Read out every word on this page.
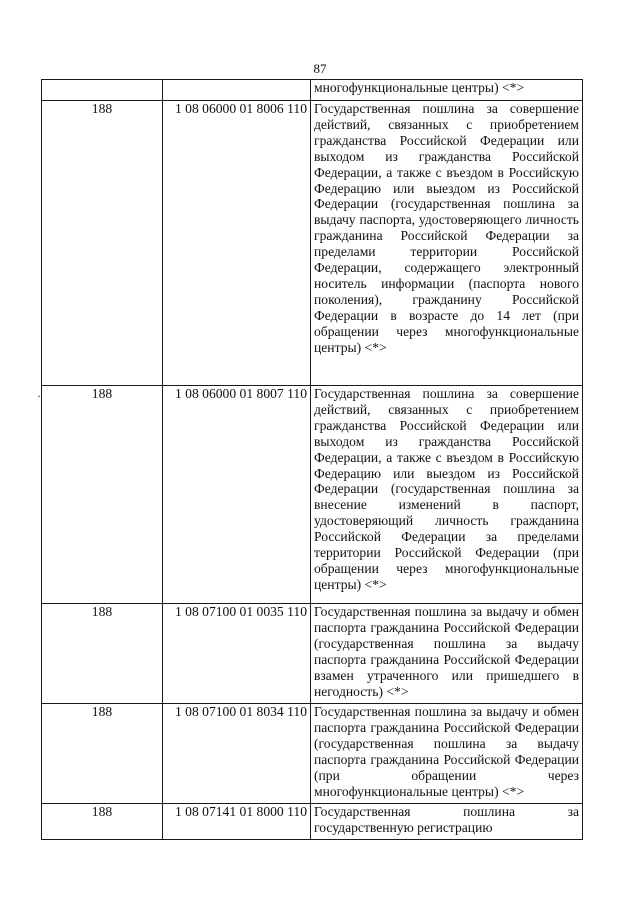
87
·
		многофункциональные центры) <*>
188	1 08 06000 01 8006 110	Государственная пошлина за совершение действий, связанных с приобретением гражданства Российской Федерации или выходом из гражданства Российской Федерации, а также с въездом в Российскую Федерацию или выездом из Российской Федерации (государственная пошлина за выдачу паспорта, удостоверяющего личность гражданина Российской Федерации за пределами территории Российской Федерации, содержащего электронный носитель информации (паспорта нового поколения), гражданину Российской Федерации в возрасте до 14 лет (при обращении через многофункциональные центры) <*>
188	1 08 06000 01 8007 110	Государственная пошлина за совершение действий, связанных с приобретением гражданства Российской Федерации или выходом из гражданства Российской Федерации, а также с въездом в Российскую Федерацию или выездом из Российской Федерации (государственная пошлина за внесение изменений в паспорт, удостоверяющий личность гражданина Российской Федерации за пределами территории Российской Федерации (при обращении через многофункциональные центры) <*>
188	1 08 07100 01 0035 110	Государственная пошлина за выдачу и обмен паспорта гражданина Российской Федерации (государственная пошлина за выдачу паспорта гражданина Российской Федерации взамен утраченного или пришедшего в негодность) <*>
188	1 08 07100 01 8034 110	Государственная пошлина за выдачу и обмен паспорта гражданина Российской Федерации (государственная пошлина за выдачу паспорта гражданина Российской Федерации (при обращении через многофункциональные центры) <*>
188	1 08 07141 01 8000 110	Государственная пошлина за государственную регистрацию
